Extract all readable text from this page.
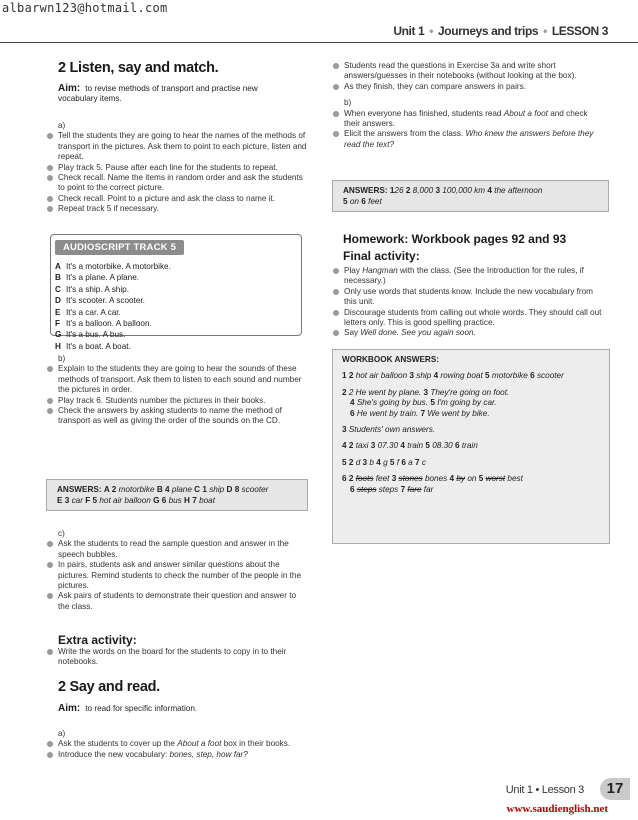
albarwn123@hotmail.com
Unit 1 • Journeys and trips • LESSON 3
2 Listen, say and match.
Aim: to revise methods of transport and practise new vocabulary items.

a)

Tell the students they are going to hear the names of the methods of transport in the pictures. Ask them to point to each picture, listen and repeat.
Play track 5. Pause after each line for the students to repeat.
Check recall. Name the items in random order and ask the students to point to the correct picture.
Check recall. Point to a picture and ask the class to name it.
Repeat track 5 if necessary.
AUDIOSCRIPT TRACK 5
A It's a motorbike. A motorbike.
B It's a plane. A plane.
C It's a ship. A ship.
D It's scooter. A scooter.
E It's a car. A car.
F It's a balloon. A balloon.
G It's a bus. A bus.
H It's a boat. A boat.

b)

Explain to the students they are going to hear the sounds of these methods of transport. Ask them to listen to each sound and number the pictures in order.
Play track 6. Students number the pictures in their books.
Check the answers by asking students to name the method of transport as well as giving the order of the sounds on the CD.
ANSWERS: A 2 motorbike B 4 plane C 1 ship D 8 scooter
E 3 car F 5 hot air balloon G 6 bus H 7 boat

c)

Ask the students to read the sample question and answer in the speech bubbles.
In pairs, students ask and answer similar questions about the pictures. Remind students to check the number of the people in the pictures.
Ask pairs of students to demonstrate their question and answer to the class.
Extra activity:
Write the words on the board for the students to copy in to their notebooks.
2 Say and read.
Aim: to read for specific information.

a)

Ask the students to cover up the About a foot box in their books.
Introduce the new vocabulary: bones, step, how far?
Students read the questions in Exercise 3a and write short answers/guesses in their notebooks (without looking at the box).
As they finish, they can compare answers in pairs.

b)

When everyone has finished, students read About a foot and check their answers.
Elicit the answers from the class. Who knew the answers before they read the text?
ANSWERS: 126 2 8,000 3 100,000 km 4 the afternoon
5 on 6 feet
Homework: Workbook pages 92 and 93
Final activity:
Play Hangman with the class. (See the Introduction for the rules, if necessary.)
Only use words that students know. Include the new vocabulary from this unit.
Discourage students from calling out whole words. They should call out letters only. This is good spelling practice.
Say Well done. See you again soon.
WORKBOOK ANSWERS:
1 2 hot air balloon 3 ship 4 rowing boat 5 motorbike 6 scooter
2 2 He went by plane. 3 They're going on foot.
4 She's going by bus. 5 I'm going by car.
6 He went by train. 7 We went by bike.
3 Students' own answers.
4 2 taxi 3 07.30 4 train 5 08.30 6 train
5 2 d 3 b 4 g 5 f 6 a 7 c
6 2 foots feet 3 stones bones 4 by on 5 worst best
6 steps steps 7 fare far
Unit 1 • Lesson 3	17
www.saudienglish.net
